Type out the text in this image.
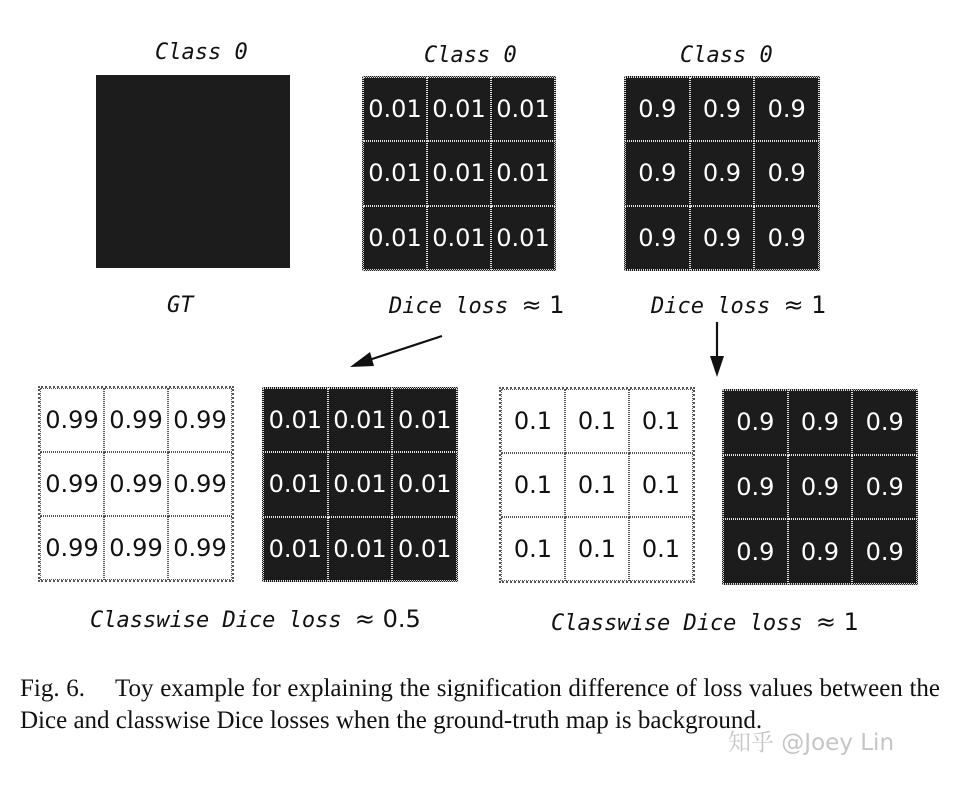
Class 0	Class 0	Class 0
0.01 0.01 0.01
0.01 0.01 0.01
0.01 0.01 0.01
0.9	0.9	0.9
0.9	0.9	0.9
0.9	0.9	0.9
GT	Dice loss ≈ 1	Dice loss ≈ 1
0.99 0.99 0.99
0.99 0.99 0.99
0.99 0.99 0.99
0.01 0.01 0.01
0.01 0.01 0.01
0.01 0.01 0.01
0.1	0.1	0.1
0.1	0.1	0.1
0.1	0.1	0.1
0.9	0.9	0.9
0.9	0.9	0.9
0.9	0.9	0.9
Classwise Dice loss ≈ 0.5	Classwise Dice loss ≈ 1
Fig. 6. Toy example for explaining the signification difference of loss values between the Dice and classwise Dice losses when the ground-truth map is background.
知乎 @Joey Lin
